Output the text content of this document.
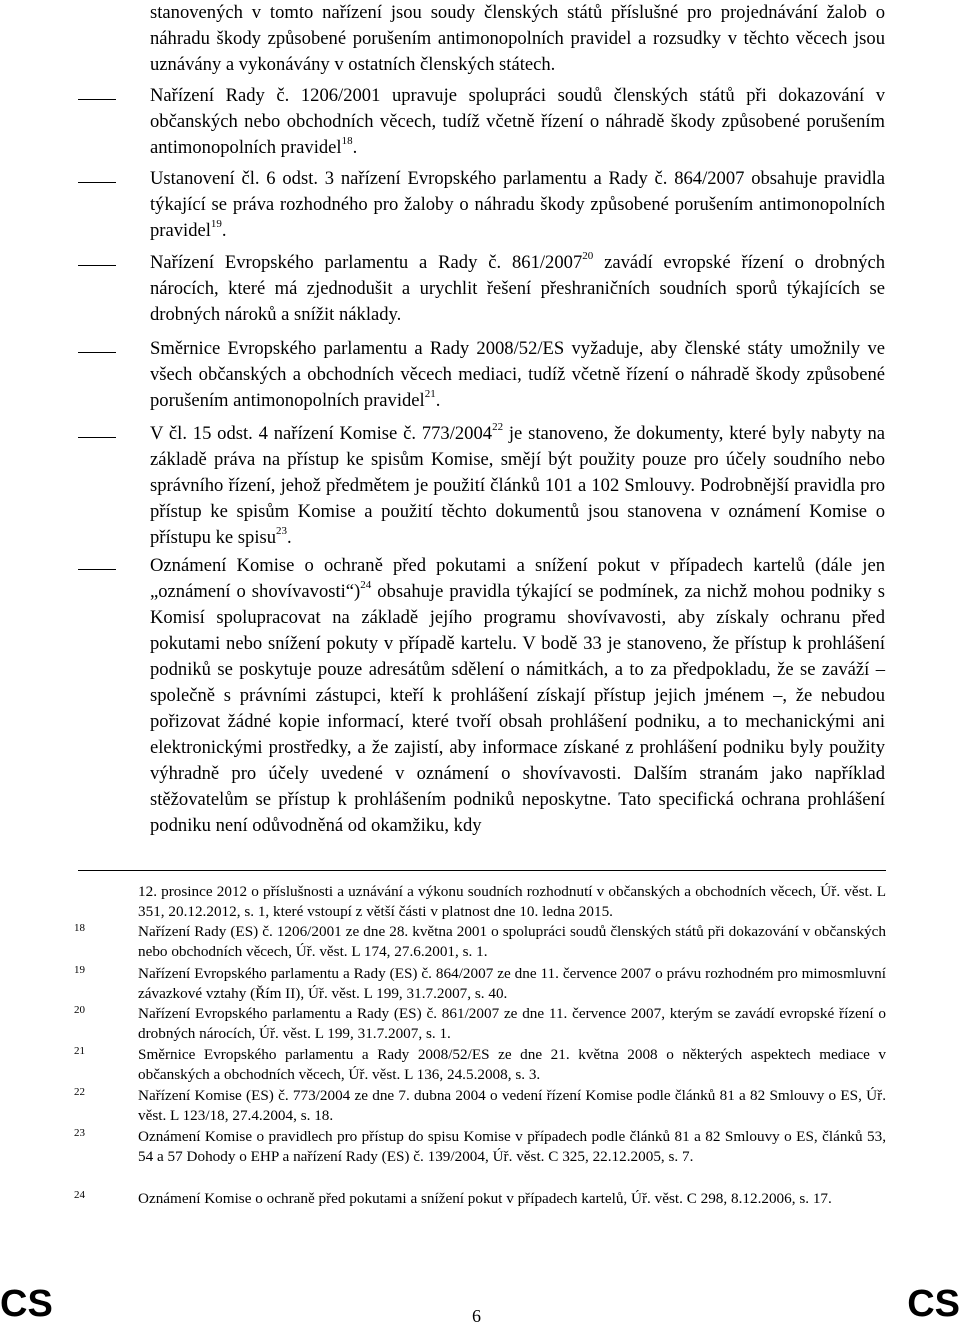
stanovených v tomto nařízení jsou soudy členských států příslušné pro projednávání žalob o náhradu škody způsobené porušením antimonopolních pravidel a rozsudky v těchto věcech jsou uznávány a vykonávány v ostatních členských státech.
Nařízení Rady č. 1206/2001 upravuje spolupráci soudů členských států při dokazování v občanských nebo obchodních věcech, tudíž včetně řízení o náhradě škody způsobené porušením antimonopolních pravidel$^{18}$.
Ustanovení čl. 6 odst. 3 nařízení Evropského parlamentu a Rady č. 864/2007 obsahuje pravidla týkající se práva rozhodného pro žaloby o náhradu škody způsobené porušením antimonopolních pravidel$^{19}$.
Nařízení Evropského parlamentu a Rady č. 861/2007$^{20}$ zavádí evropské řízení o drobných nárocích, které má zjednodušit a urychlit řešení přeshraničních soudních sporů týkajících se drobných nároků a snížit náklady.
Směrnice Evropského parlamentu a Rady 2008/52/ES vyžaduje, aby členské státy umožnily ve všech občanských a obchodních věcech mediaci, tudíž včetně řízení o náhradě škody způsobené porušením antimonopolních pravidel$^{21}$.
V čl. 15 odst. 4 nařízení Komise č. 773/2004$^{22}$ je stanoveno, že dokumenty, které byly nabyty na základě práva na přístup ke spisům Komise, smějí být použity pouze pro účely soudního nebo správního řízení, jehož předmětem je použití článků 101 a 102 Smlouvy. Podrobnější pravidla pro přístup ke spisům Komise a použití těchto dokumentů jsou stanovena v oznámení Komise o přístupu ke spisu$^{23}$.
Oznámení Komise o ochraně před pokutami a snížení pokut v případech kartelů (dále jen „oznámení o shovívavosti“)$^{24}$ obsahuje pravidla týkající se podmínek, za nichž mohou podniky s Komisí spolupracovat na základě jejího programu shovívavosti, aby získaly ochranu před pokutami nebo snížení pokuty v případě kartelu. V bodě 33 je stanoveno, že přístup k prohlášení podniků se poskytuje pouze adresátům sdělení o námitkách, a to za předpokladu, že se zaváží – společně s právními zástupci, kteří k prohlášení získají přístup jejich jménem –, že nebudou pořizovat žádné kopie informací, které tvoří obsah prohlášení podniku, a to mechanickými ani elektronickými prostředky, a že zajistí, aby informace získané z prohlášení podniku byly použity výhradně pro účely uvedené v oznámení o shovívavosti. Dalším stranám jako například stěžovatelům se přístup k prohlášením podniků neposkytne. Tato specifická ochrana prohlášení podniku není odůvodněná od okamžiku, kdy
12. prosince 2012 o příslušnosti a uznávání a výkonu soudních rozhodnutí v občanských a obchodních věcech, Úř. věst. L 351, 20.12.2012, s. 1, které vstoupí z větší části v platnost dne 10. ledna 2015.
18	Nařízení Rady (ES) č. 1206/2001 ze dne 28. května 2001 o spolupráci soudů členských států při dokazování v občanských nebo obchodních věcech, Úř. věst. L 174, 27.6.2001, s. 1.
19	Nařízení Evropského parlamentu a Rady (ES) č. 864/2007 ze dne 11. července 2007 o právu rozhodném pro mimosmluvní závazkové vztahy (Řím II), Úř. věst. L 199, 31.7.2007, s. 40.
20	Nařízení Evropského parlamentu a Rady (ES) č. 861/2007 ze dne 11. července 2007, kterým se zavádí evropské řízení o drobných nárocích, Úř. věst. L 199, 31.7.2007, s. 1.
21	Směrnice Evropského parlamentu a Rady 2008/52/ES ze dne 21. května 2008 o některých aspektech mediace v občanských a obchodních věcech, Úř. věst. L 136, 24.5.2008, s. 3.
22	Nařízení Komise (ES) č. 773/2004 ze dne 7. dubna 2004 o vedení řízení Komise podle článků 81 a 82 Smlouvy o ES, Úř. věst. L 123/18, 27.4.2004, s. 18.
23	Oznámení Komise o pravidlech pro přístup do spisu Komise v případech podle článků 81 a 82 Smlouvy o ES, článků 53, 54 a 57 Dohody o EHP a nařízení Rady (ES) č. 139/2004, Úř. věst. C 325, 22.12.2005, s. 7.
24	Oznámení Komise o ochraně před pokutami a snížení pokut v případech kartelů, Úř. věst. C 298, 8.12.2006, s. 17.
CS	6	CS
